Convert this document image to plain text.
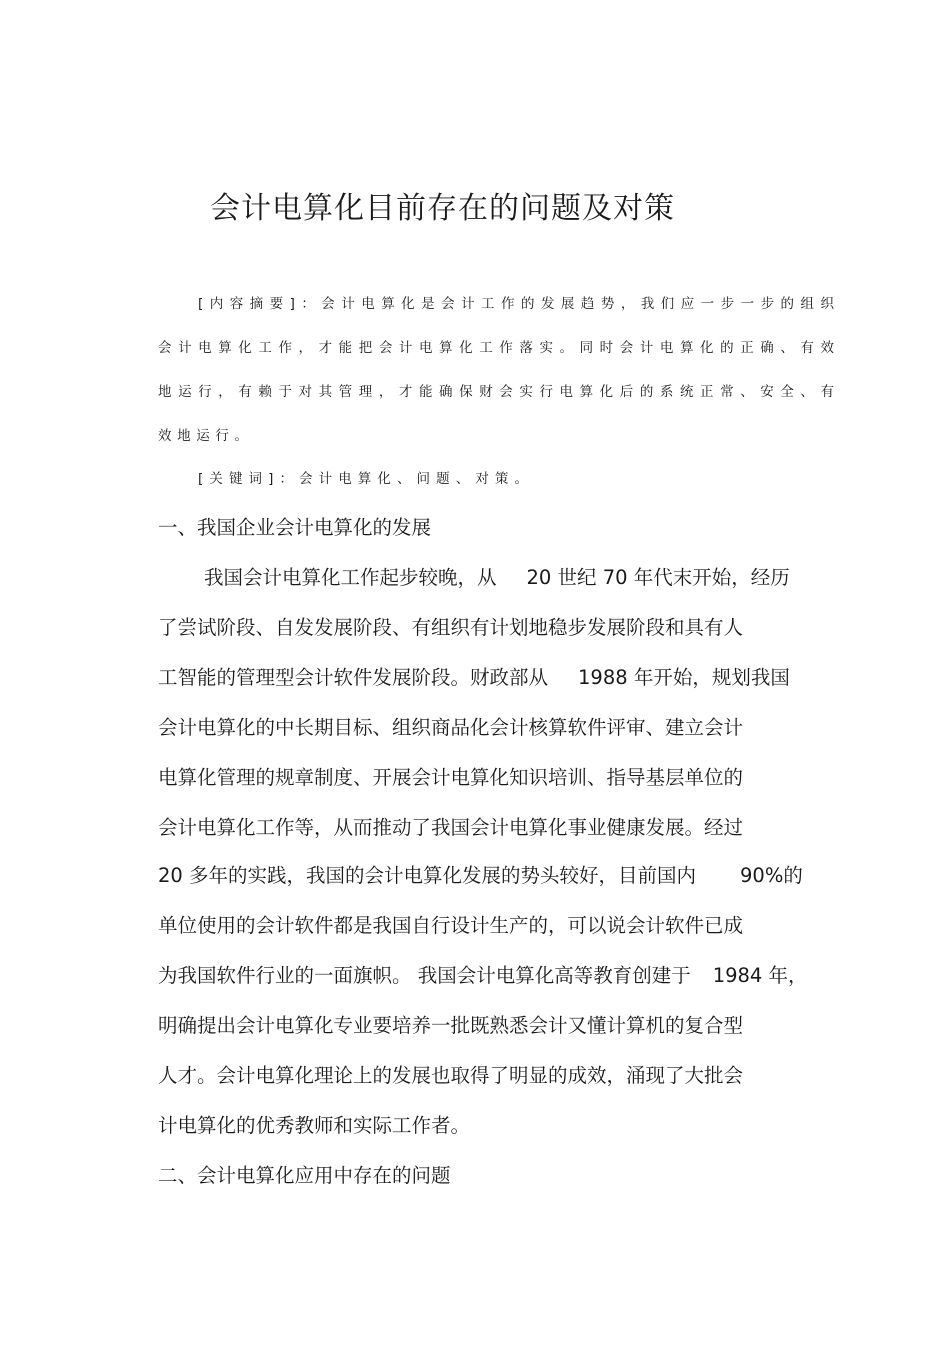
会计电算化目前存在的问题及对策
[内容摘要]：会计电算化是会计工作的发展趋势，我们应一步一步的组织
会计电算化工作，才能把会计电算化工作落实。同时会计电算化的正确、有效
地运行，有赖于对其管理，才能确保财会实行电算化后的系统正常、安全、有
效地运行。
[关键词]：会计电算化、问题、对策。
一、我国企业会计电算化的发展
我国会计电算化工作起步较晚，从 20 世纪 70 年代末开始，经历
了尝试阶段、自发发展阶段、有组织有计划地稳步发展阶段和具有人
工智能的管理型会计软件发展阶段。财政部从 1988 年开始，规划我国
会计电算化的中长期目标、组织商品化会计核算软件评审、建立会计
电算化管理的规章制度、开展会计电算化知识培训、指导基层单位的
会计电算化工作等，从而推动了我国会计电算化事业健康发展。经过
20 多年的实践，我国的会计电算化发展的势头较好，目前国内 90%的
单位使用的会计软件都是我国自行设计生产的，可以说会计软件已成
为我国软件行业的一面旗帜。 我国会计电算化高等教育创建于 1984 年，
明确提出会计电算化专业要培养一批既熟悉会计又懂计算机的复合型
人才。会计电算化理论上的发展也取得了明显的成效，涌现了大批会
计电算化的优秀教师和实际工作者。
二、会计电算化应用中存在的问题
